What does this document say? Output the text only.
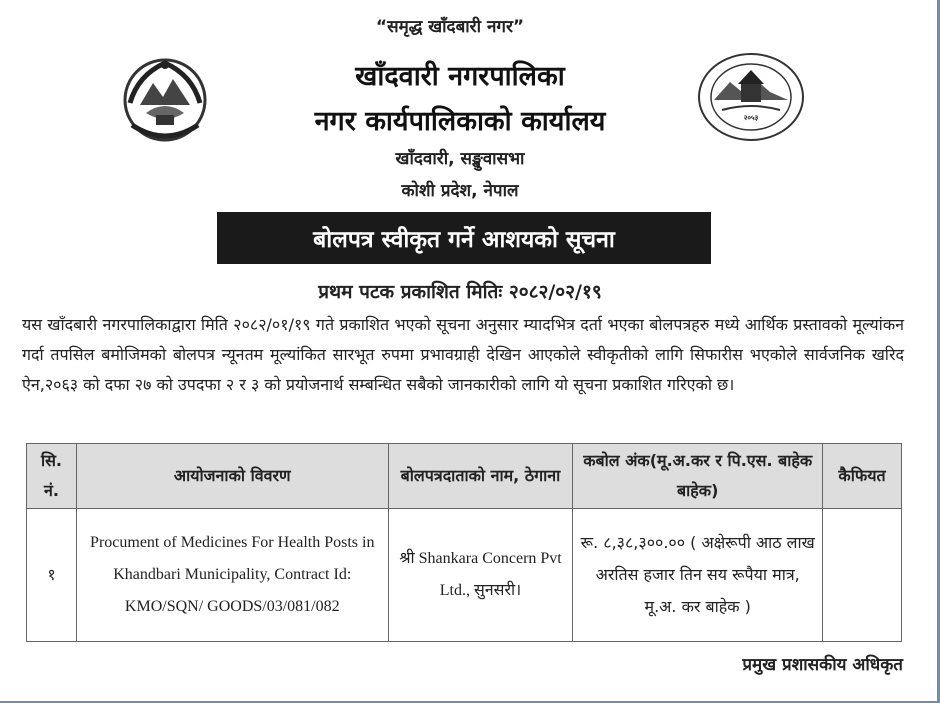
“समृद्ध खाँदबारी नगर”
खाँदवारी नगरपालिका
नगर कार्यपालिकाको कार्यालय
खाँदवारी, सङ्खुवासभा
कोशी प्रदेश, नेपाल
२०५३
बोलपत्र स्वीकृत गर्ने आशयको सूचना
प्रथम पटक प्रकाशित मितिः २०८२/०२/१९

यस खाँदबारी नगरपालिकाद्वारा मिति २०८२/०१/१९ गते प्रकाशित भएको सूचना अनुसार म्यादभित्र दर्ता भएका बोलपत्रहरु मध्ये आर्थिक प्रस्तावको मूल्यांकन गर्दा तपसिल बमोजिमको बोलपत्र न्यूनतम मूल्यांकित सारभूत रुपमा प्रभावग्राही देखिन आएकोले स्वीकृतीको लागि सिफारीस भएकोले सार्वजनिक खरिद ऐन,२०६३ को दफा २७ को उपदफा २ र ३ को प्रयोजनार्थ सम्बन्धित सबैको जानकारीको लागि यो सूचना प्रकाशित गरिएको छ।

सि. नं.	आयोजनाको विवरण	बोलपत्रदाताको नाम, ठेगाना	कबोल अंक(मू.अ.कर र पि.एस. बाहेक बाहेक)	कैफियत
१	Procument of Medicines For Health Posts in Khandbari Municipality, Contract Id: KMO/SQN/ GOODS/03/081/082	श्री Shankara Concern Pvt Ltd., सुनसरी।	रू. ८,३८,३००.०० ( अक्षेरूपी आठ लाख अरतिस हजार तिन सय रूपैया मात्र, मू.अ. कर बाहेक )	
प्रमुख प्रशासकीय अधिकृत
